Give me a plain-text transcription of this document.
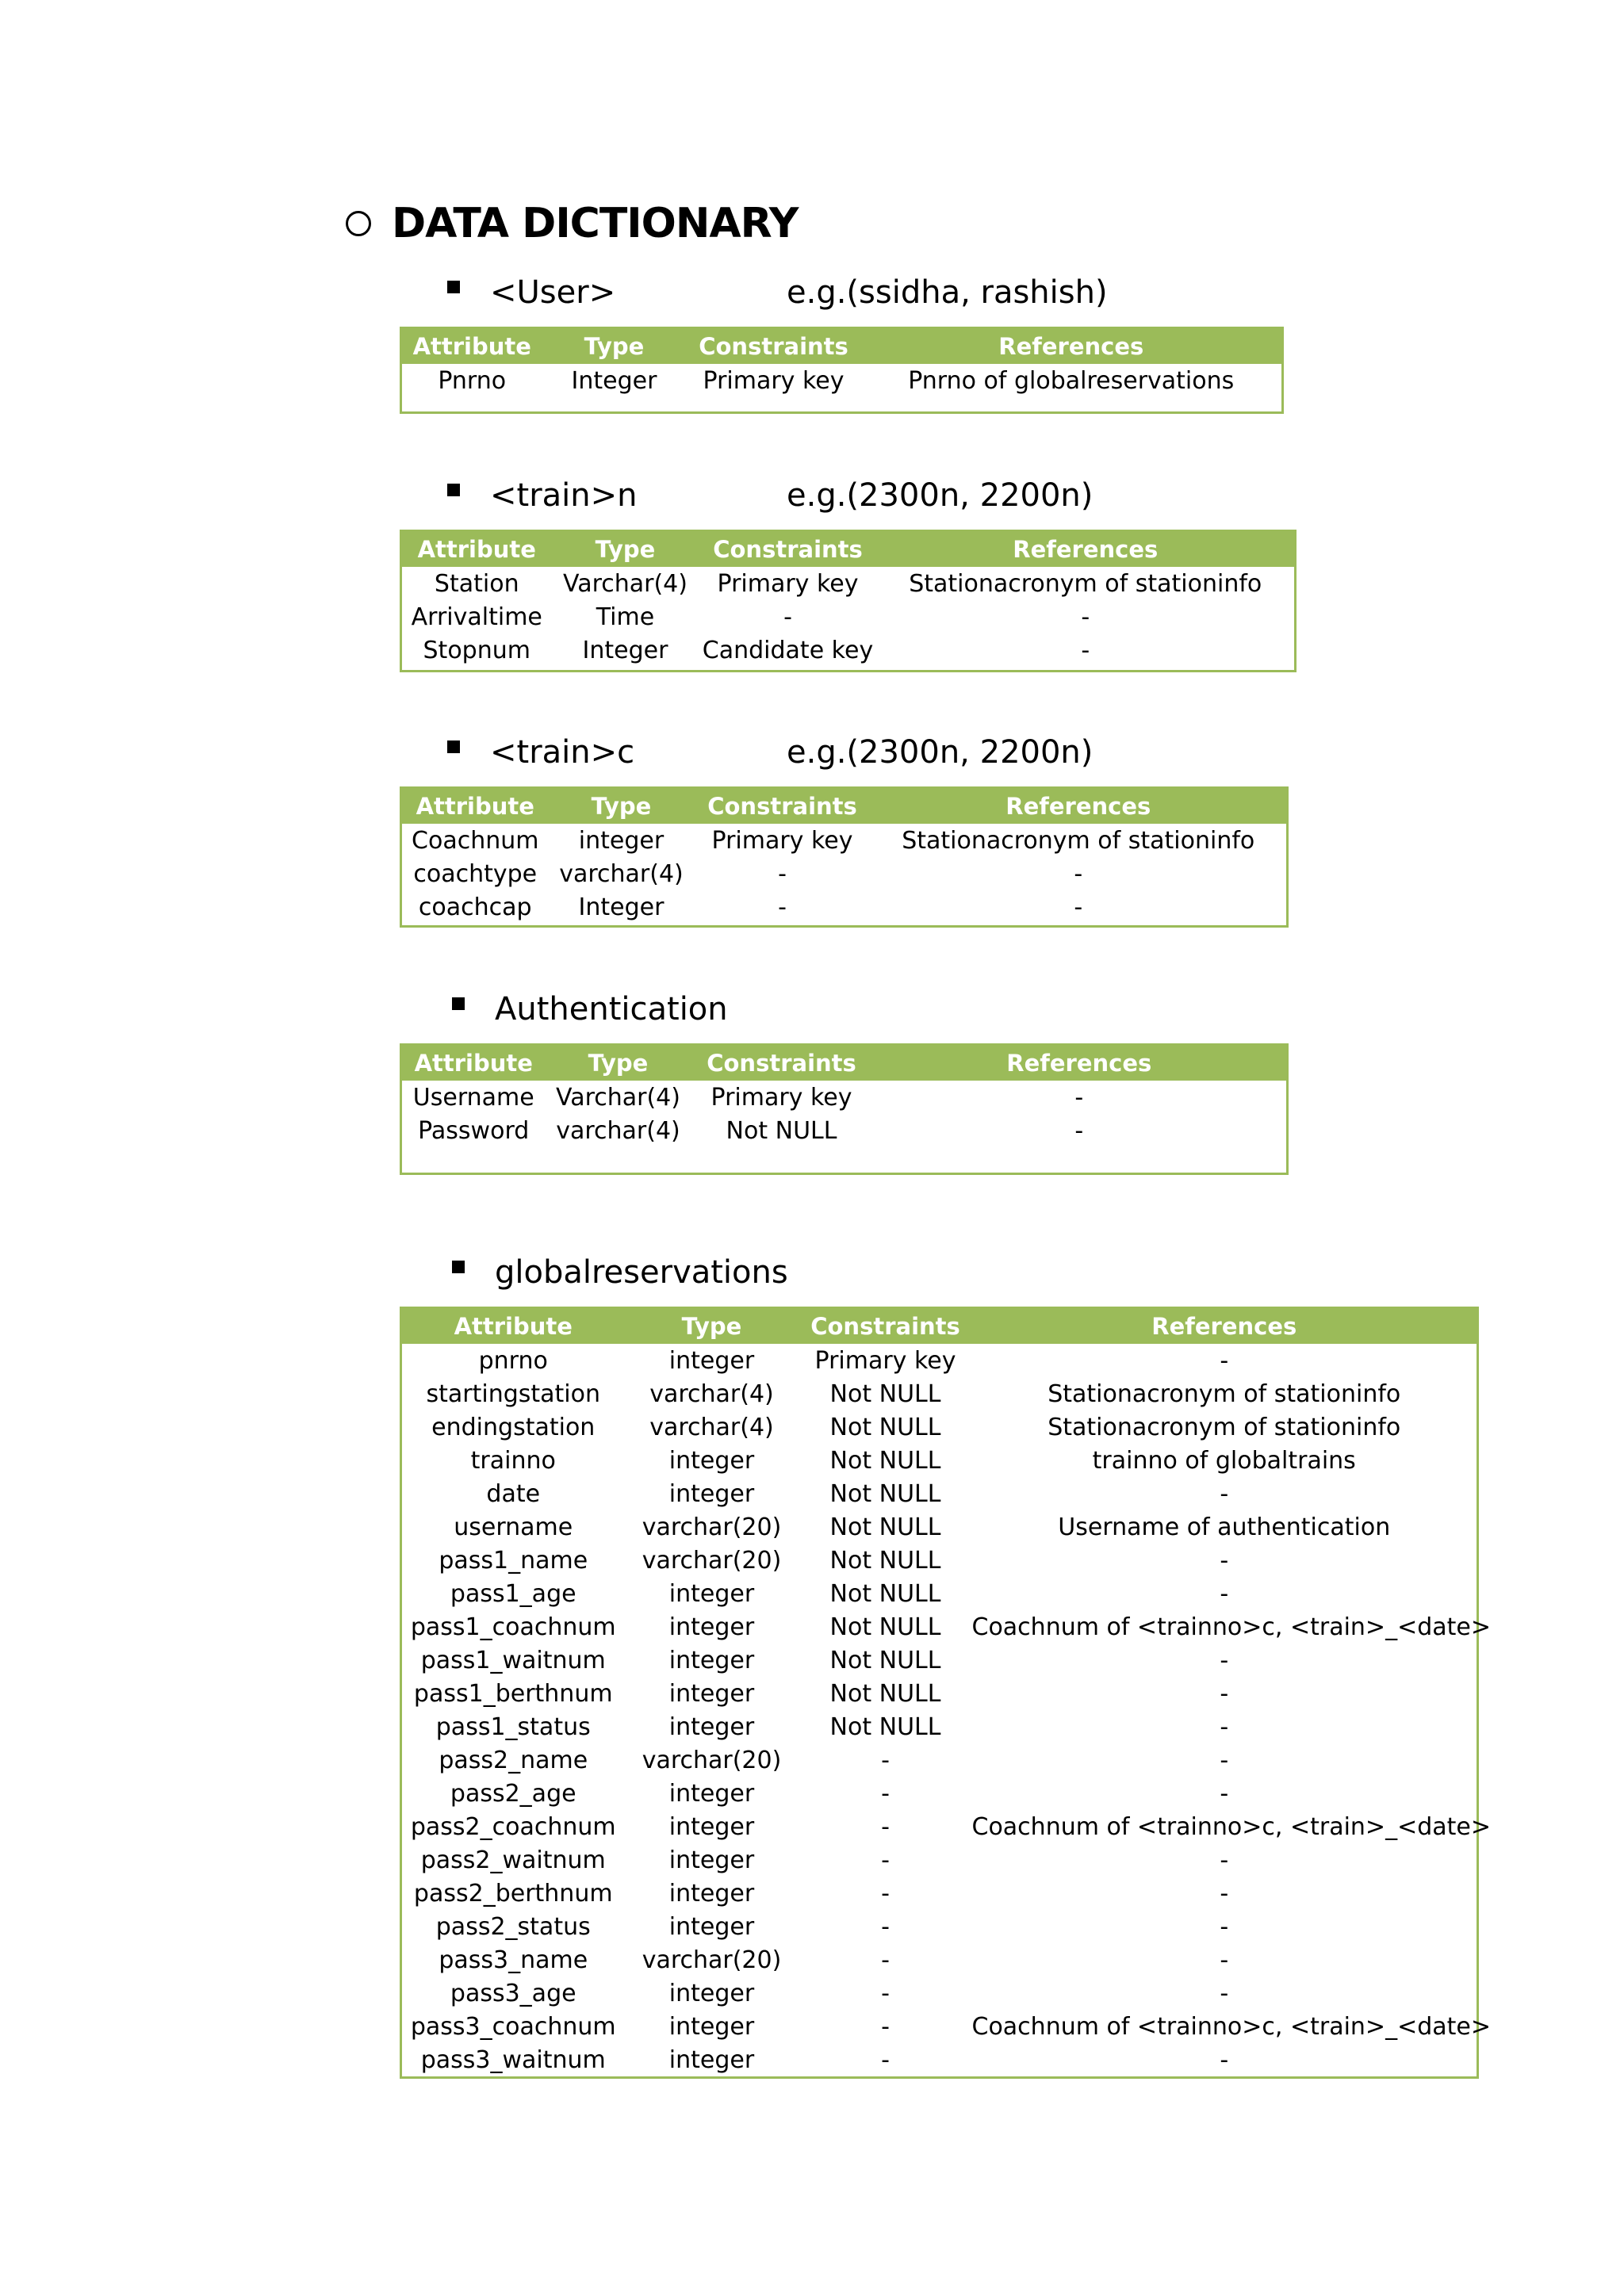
DATA DICTIONARY
<User>	e.g.(ssidha, rashish)
Attribute	Type	Constraints	References
Pnrno	Integer	Primary key	Pnrno of globalreservations

<train>n	e.g.(2300n, 2200n)
Attribute	Type	Constraints	References
Station	Varchar(4)	Primary key	Stationacronym of stationinfo
Arrivaltime	Time	-	-
Stopnum	Integer	Candidate key	-

<train>c	e.g.(2300n, 2200n)
Attribute	Type	Constraints	References
Coachnum	integer	Primary key	Stationacronym of stationinfo
coachtype	varchar(4)	-	-
coachcap	Integer	-	-

Authentication
Attribute	Type	Constraints	References
Username	Varchar(4)	Primary key	-
Password	varchar(4)	Not NULL	-

globalreservations
Attribute	Type	Constraints	References
pnrno	integer	Primary key	-
startingstation	varchar(4)	Not NULL	Stationacronym of stationinfo
endingstation	varchar(4)	Not NULL	Stationacronym of stationinfo
trainno	integer	Not NULL	trainno of globaltrains
date	integer	Not NULL	-
username	varchar(20)	Not NULL	Username of authentication
pass1_name	varchar(20)	Not NULL	-
pass1_age	integer	Not NULL	-
pass1_coachnum	integer	Not NULL	Coachnum of <trainno>c, <train>_<date>
pass1_waitnum	integer	Not NULL	-
pass1_berthnum	integer	Not NULL	-
pass1_status	integer	Not NULL	-
pass2_name	varchar(20)	-	-
pass2_age	integer	-	-
pass2_coachnum	integer	-	Coachnum of <trainno>c, <train>_<date>
pass2_waitnum	integer	-	-
pass2_berthnum	integer	-	-
pass2_status	integer	-	-
pass3_name	varchar(20)	-	-
pass3_age	integer	-	-
pass3_coachnum	integer	-	Coachnum of <trainno>c, <train>_<date>
pass3_waitnum	integer	-	-
